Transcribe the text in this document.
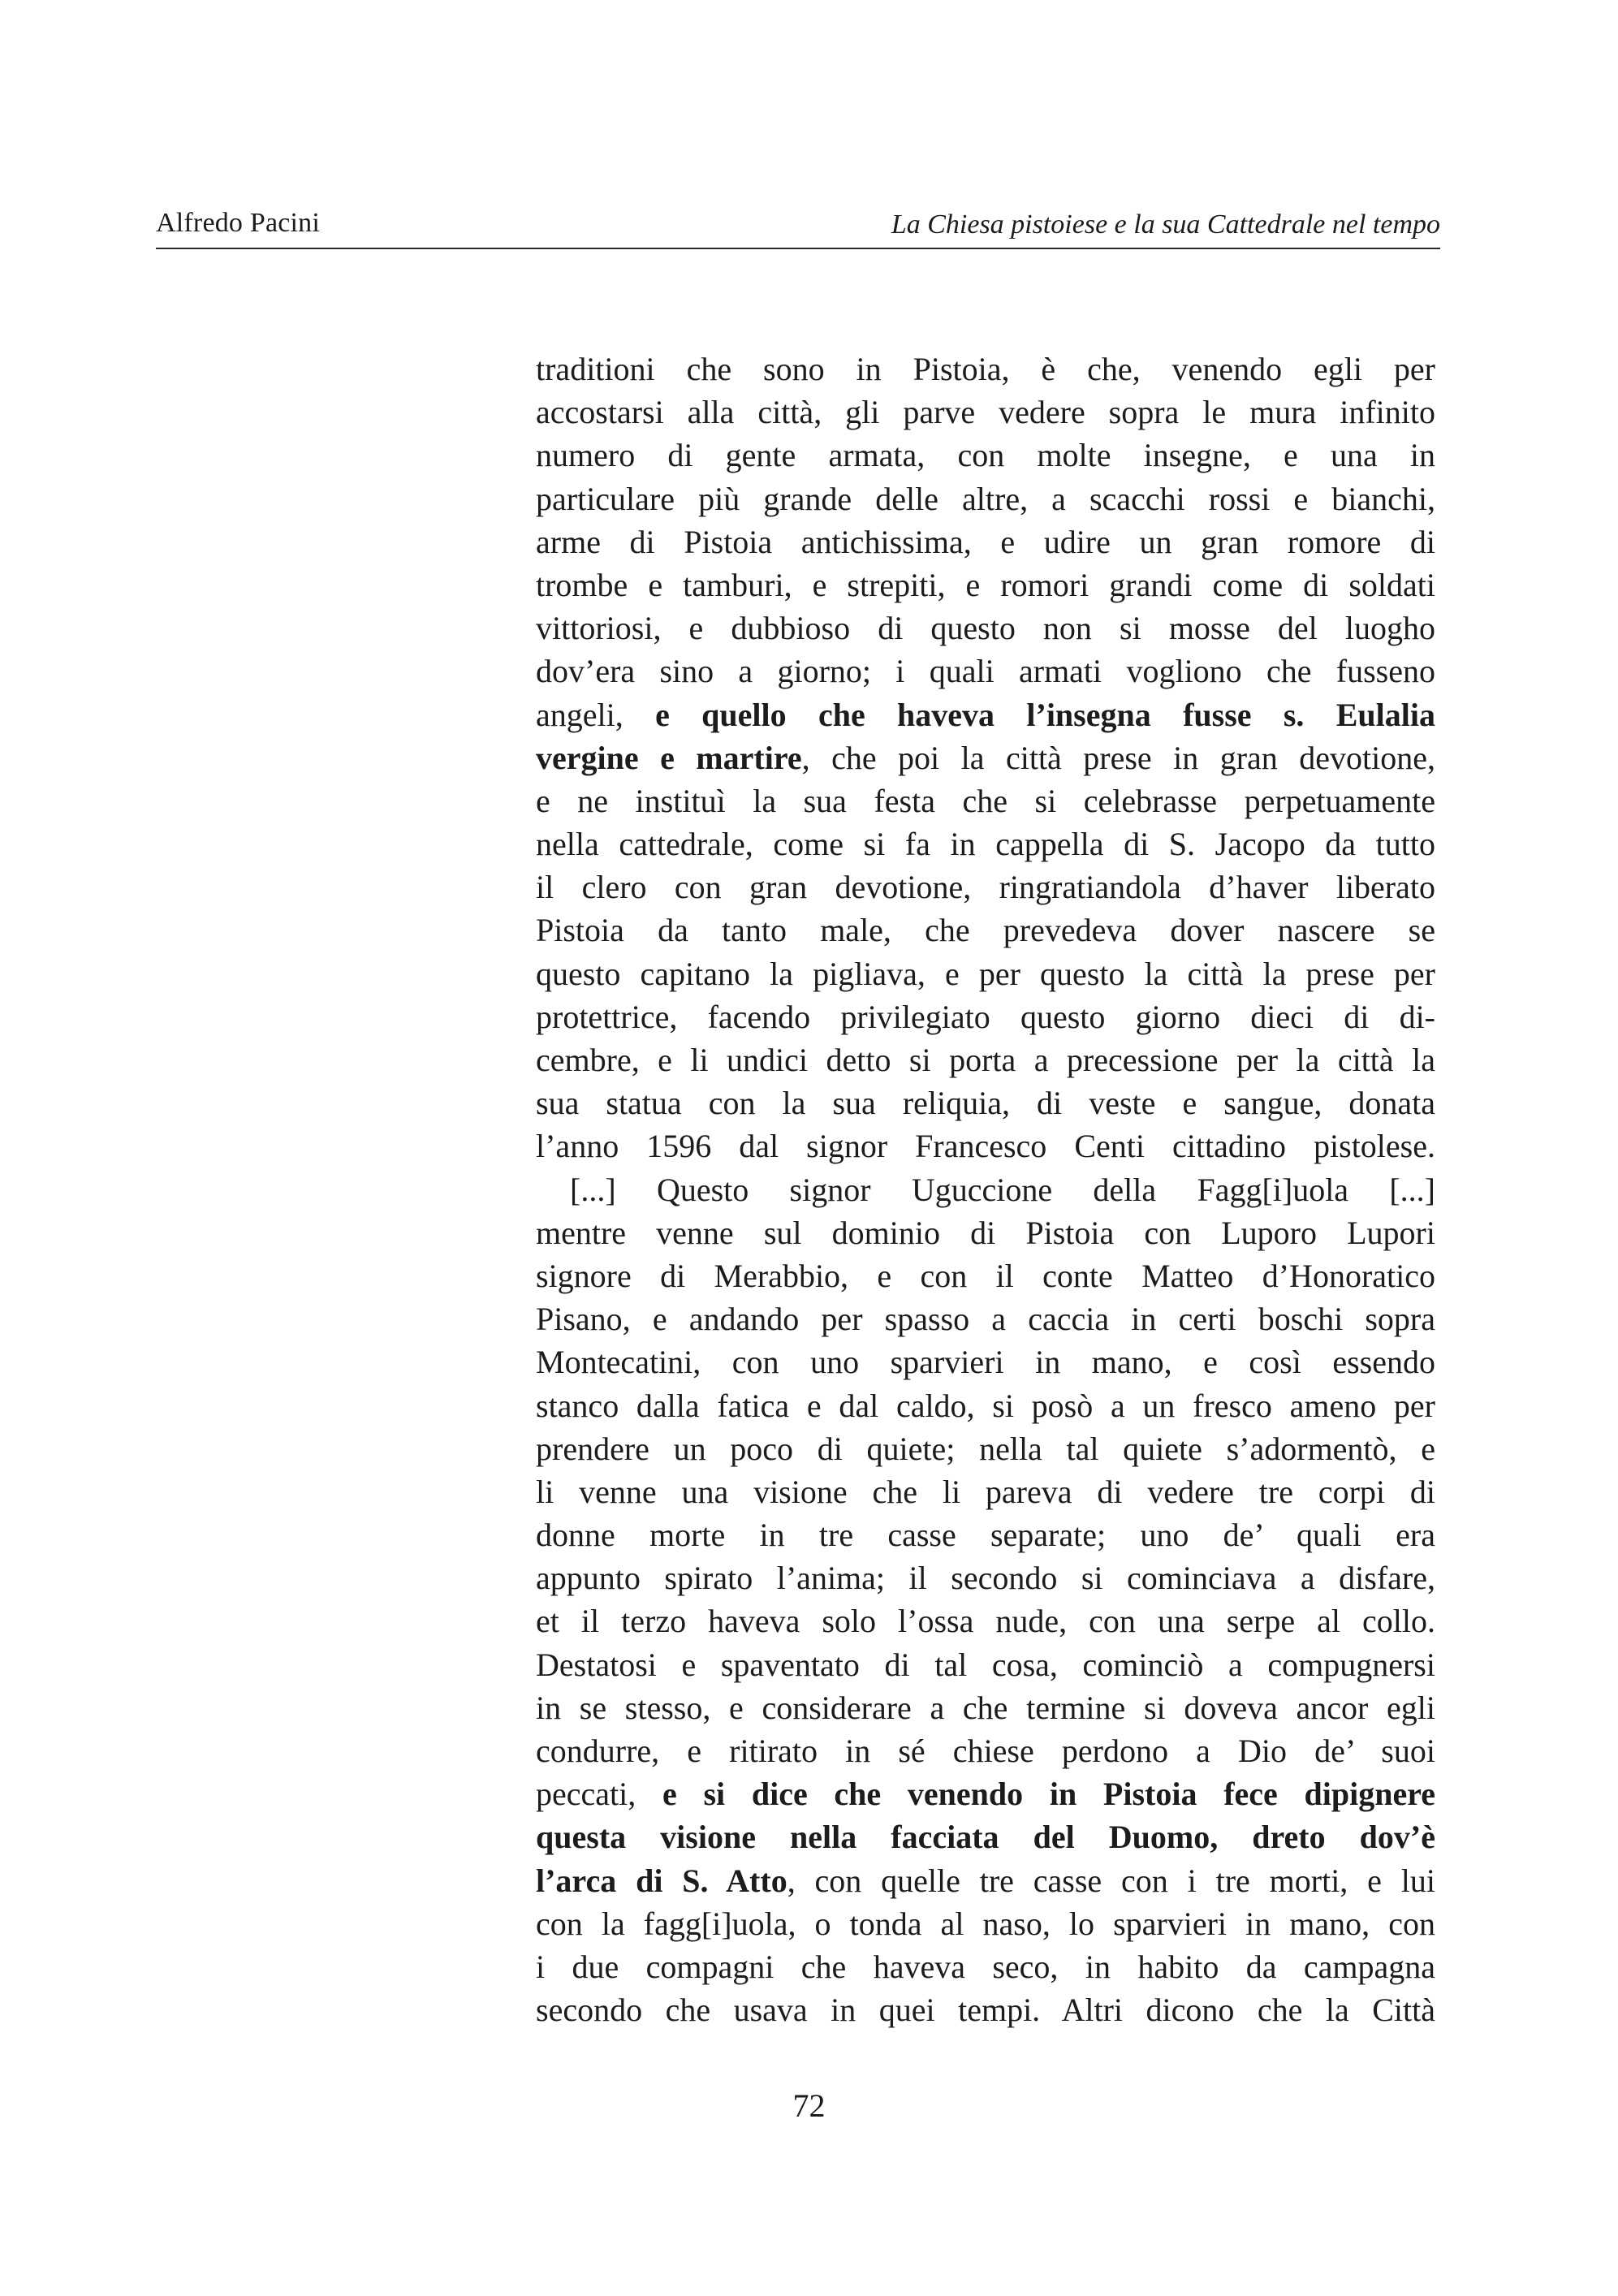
Alfredo Pacini	La Chiesa pistoiese e la sua Cattedrale nel tempo
traditioni che sono in Pistoia, è che, venendo egli per
accostarsi alla città, gli parve vedere sopra le mura infinito
numero di gente armata, con molte insegne, e una in
particulare più grande delle altre, a scacchi rossi e bianchi,
arme di Pistoia antichissima, e udire un gran romore di
trombe e tamburi, e strepiti, e romori grandi come di soldati
vittoriosi, e dubbioso di questo non si mosse del luogho
dov’era sino a giorno; i quali armati vogliono che fusseno
angeli, e quello che haveva l’insegna fusse s. Eulalia
vergine e martire, che poi la città prese in gran devotione,
e ne instituì la sua festa che si celebrasse perpetuamente
nella cattedrale, come si fa in cappella di S. Jacopo da tutto
il clero con gran devotione, ringratiandola d’haver liberato
Pistoia da tanto male, che prevedeva dover nascere se
questo capitano la pigliava, e per questo la città la prese per
protettrice, facendo privilegiato questo giorno dieci di di-
cembre, e li undici detto si porta a precessione per la città la
sua statua con la sua reliquia, di veste e sangue, donata
l’anno 1596 dal signor Francesco Centi cittadino pistolese.
[...] Questo signor Uguccione della Fagg[i]uola [...]
mentre venne sul dominio di Pistoia con Luporo Lupori
signore di Merabbio, e con il conte Matteo d’Honoratico
Pisano, e andando per spasso a caccia in certi boschi sopra
Montecatini, con uno sparvieri in mano, e così essendo
stanco dalla fatica e dal caldo, si posò a un fresco ameno per
prendere un poco di quiete; nella tal quiete s’adormentò, e
li venne una visione che li pareva di vedere tre corpi di
donne morte in tre casse separate; uno de’ quali era
appunto spirato l’anima; il secondo si cominciava a disfare,
et il terzo haveva solo l’ossa nude, con una serpe al collo.
Destatosi e spaventato di tal cosa, cominciò a compugnersi
in se stesso, e considerare a che termine si doveva ancor egli
condurre, e ritirato in sé chiese perdono a Dio de’ suoi
peccati, e si dice che venendo in Pistoia fece dipignere
questa visione nella facciata del Duomo, dreto dov’è
l’arca di S. Atto, con quelle tre casse con i tre morti, e lui
con la fagg[i]uola, o tonda al naso, lo sparvieri in mano, con
i due compagni che haveva seco, in habito da campagna
secondo che usava in quei tempi. Altri dicono che la Città
72
